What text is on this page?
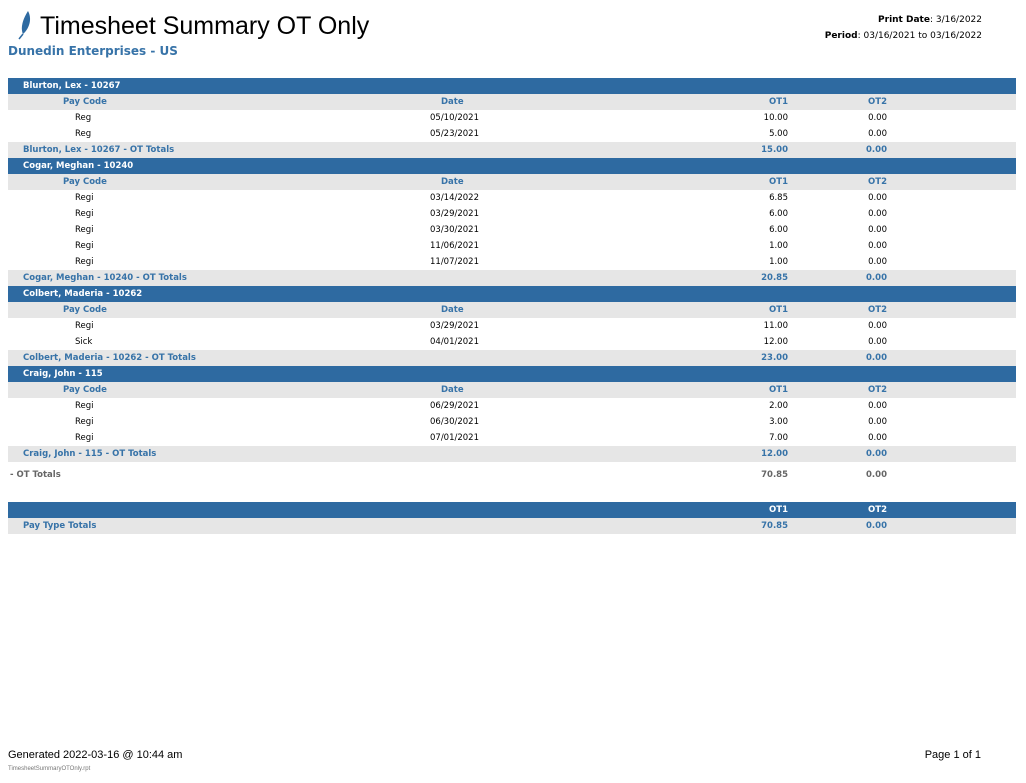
Timesheet Summary OT Only
Dunedin Enterprises - US
Print Date: 3/16/2022
Period: 03/16/2021 to 03/16/2022
Blurton, Lex - 10267
Pay Code	Date	OT1	OT2
Reg	05/10/2021	10.00	0.00
Reg	05/23/2021	5.00	0.00
Blurton, Lex - 10267 - OT Totals	15.00	0.00
Cogar, Meghan - 10240
Pay Code	Date	OT1	OT2
Regi	03/14/2022	6.85	0.00
Regi	03/29/2021	6.00	0.00
Regi	03/30/2021	6.00	0.00
Regi	11/06/2021	1.00	0.00
Regi	11/07/2021	1.00	0.00
Cogar, Meghan - 10240 - OT Totals	20.85	0.00
Colbert, Maderia - 10262
Pay Code	Date	OT1	OT2
Regi	03/29/2021	11.00	0.00
Sick	04/01/2021	12.00	0.00
Colbert, Maderia - 10262 - OT Totals	23.00	0.00
Craig, John - 115
Pay Code	Date	OT1	OT2
Regi	06/29/2021	2.00	0.00
Regi	06/30/2021	3.00	0.00
Regi	07/01/2021	7.00	0.00
Craig, John - 115 - OT Totals	12.00	0.00
- OT Totals	70.85	0.00
OT1	OT2
Pay Type Totals	70.85	0.00
Generated 2022-03-16 @ 10:44 am	Page 1 of 1
TimesheetSummaryOTOnly.rpt
